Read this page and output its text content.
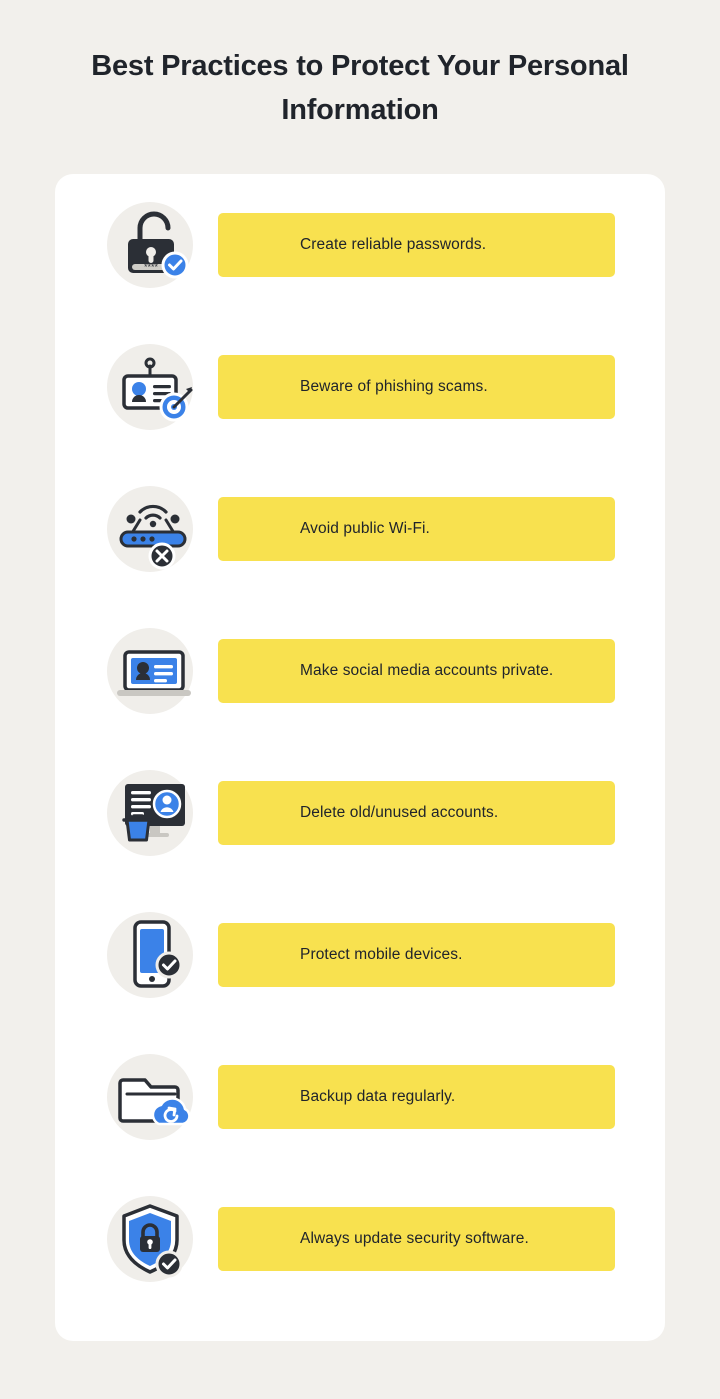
Best Practices to Protect Your Personal Information
****
Create reliable passwords.
Beware of phishing scams.
Avoid public Wi-Fi.
Make social media accounts private.
Delete old/unused accounts.
Protect mobile devices.
Backup data regularly.
Always update security software.
